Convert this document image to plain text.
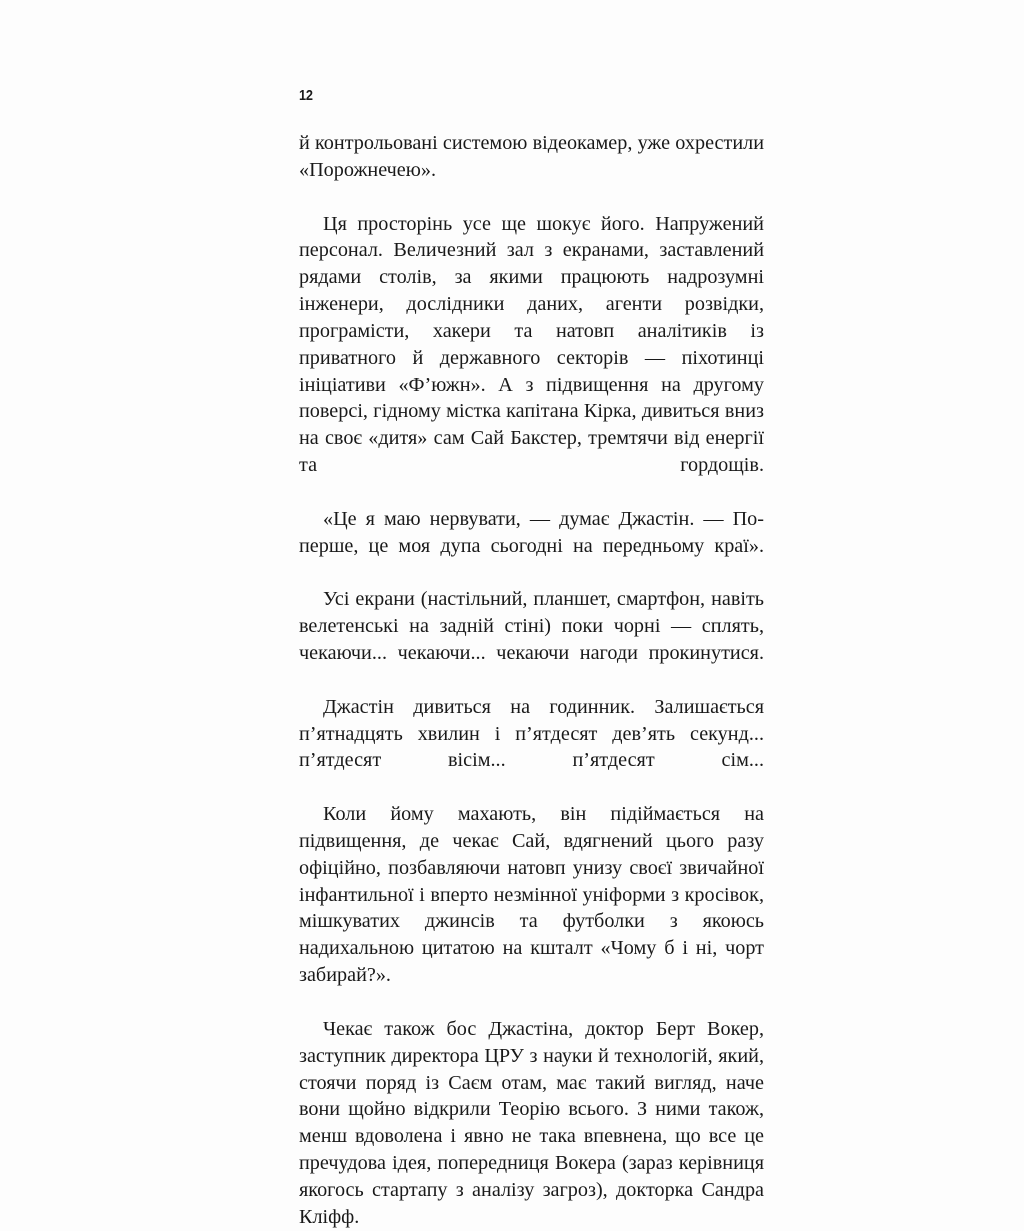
12

й контрольовані системою відеокамер, уже охрестили «Порожнечею».

Ця просторінь усе ще шокує його. Напружений персонал. Величезний зал з екранами, заставлений рядами столів, за якими працюють надрозумні інженери, дослідники даних, агенти розвідки, програмісти, хакери та натовп аналітиків із приватного й державного секторів — піхотинці ініціативи «Ф’южн». А з підвищення на другому поверсі, гідному містка капітана Кірка, дивиться вниз на своє «дитя» сам Сай Бакстер, тремтячи від енергії та гордощів.

«Це я маю нервувати, — думає Джастін. — По-перше, це моя дупа сьогодні на передньому краї».

Усі екрани (настільний, планшет, смартфон, навіть велетенські на задній стіні) поки чорні — сплять, чекаючи... чекаючи... чекаючи нагоди прокинутися.

Джастін дивиться на годинник. Залишається п’ятнадцять хвилин і п’ятдесят дев’ять секунд... п’ятдесят вісім... п’ятдесят сім...

Коли йому махають, він підіймається на підвищення, де чекає Сай, вдягнений цього разу офіційно, позбавляючи натовп унизу своєї звичайної інфантильної і вперто незмінної уніформи з кросівок, мішкуватих джинсів та футболки з якоюсь надихальною цитатою на кшталт «Чому б і ні, чорт забирай?».

Чекає також бос Джастіна, доктор Берт Вокер, заступник директора ЦРУ з науки й технологій, який, стоячи поряд із Саєм отам, має такий вигляд, наче вони щойно відкрили Теорію всього. З ними також, менш вдоволена і явно не така впевнена, що все це пречудова ідея, попередниця Вокера (зараз керівниця якогось стартапу з аналізу загроз), докторка Сандра Кліфф.
